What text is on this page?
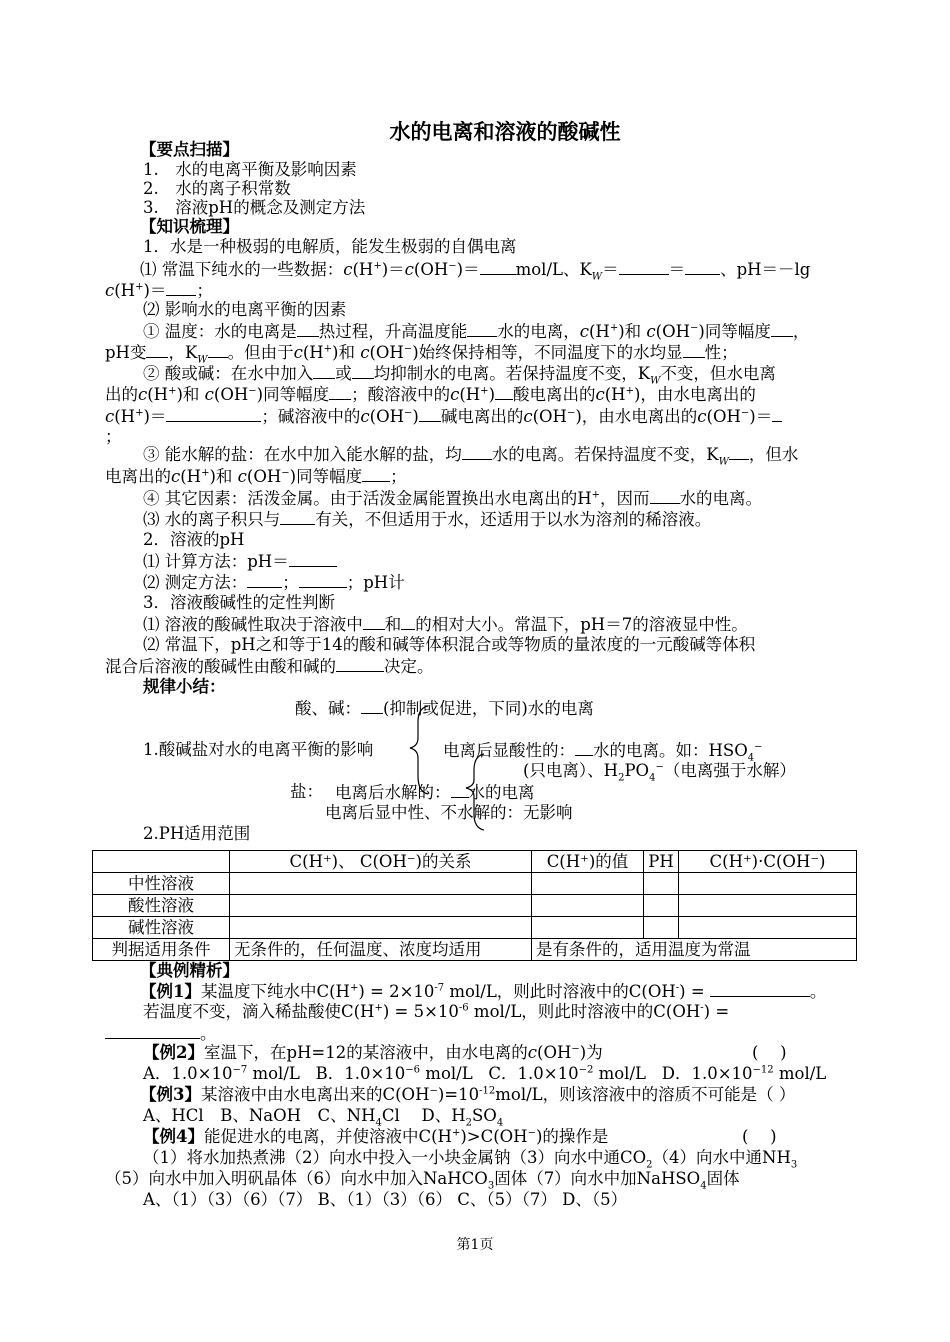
水的电离和溶液的酸碱性
【要点扫描】
1.　水的电离平衡及影响因素
2.　水的离子积常数
3.　溶液pH的概念及测定方法
【知识梳理】
1．水是一种极弱的电解质，能发生极弱的自偶电离
⑴ 常温下纯水的一些数据：c(H+)＝c(OH−)＝ mol/L、$K_W=$	＝ 、pH＝－lg
c(H+)＝ ；
⑵ 影响水的电离平衡的因素
① 温度：水的电离是 热过程，升高温度能 水的电离，c(H+)和 c(OH−)同等幅度 ，
pH变 ，$K_W$ 。但由于c(H+)和 c(OH−)始终保持相等，不同温度下的水均显 性；
② 酸或碱：在水中加入 或 均抑制水的电离。若保持温度不变，$K_W$不变，但水电离
出的c(H+)和 c(OH−)同等幅度 ；酸溶液中的c(H+) 酸电离出的c(H+)，由水电离出的
c(H+)＝	；碱溶液中的c(OH−) 碱电离出的c(OH−)，由水电离出的c(OH−)＝
；
③ 能水解的盐：在水中加入能水解的盐，均 水的电离。若保持温度不变，$K_W$ ，但水
电离出的c(H+)和 c(OH−)同等幅度 ；
④ 其它因素：活泼金属。由于活泼金属能置换出水电离出的H+，因而 水的电离。
⑶ 水的离子积只与 有关，不但适用于水，还适用于以水为溶剂的稀溶液。
2．溶液的pH
⑴ 计算方法：pH＝
⑵ 测定方法： ；	；pH计
3．溶液酸碱性的定性判断
⑴ 溶液的酸碱性取决于溶液中 和 的相对大小。常温下，pH＝7的溶液显中性。
⑵ 常温下，pH之和等于14的酸和碱等体积混合或等物质的量浓度的一元酸碱等体积
混合后溶液的酸碱性由酸和碱的	决定。
规律小结：
酸、碱： (抑制或促进，下同)水的电离
1.酸碱盐对水的电离平衡的影响	电离后显酸性的： 水的电离。如：$HSO_4^-$
(只电离）、$H_2PO_4^-$（电离强于水解）
盐： 电离后水解的： 水的电离
电离后显中性、不水解的：无影响
2.PH适用范围
	C(H⁺)、 C(OH⁻)的关系	C(H⁺)的值	PH	C(H⁺)·C(OH⁻)
中性溶液				
酸性溶液				
碱性溶液				
判据适用条件	无条件的，任何温度、浓度均适用	是有条件的，适用温度为常温		
【典例精析】
【例1】某温度下纯水中$C(H^+) = 2\times 10^{-7}$ mol/L，则此时溶液中的C(OH-) =	。
若温度不变，滴入稀盐酸使$C(H^+) = 5\times 10^{-6}$ mol/L，则此时溶液中的C(OH-) =
。
【例2】室温下，在pH=12的某溶液中，由水电离的c(OH−)为	(　 )
A．$1.0\times 10^{-7}$ mol/L B．$1.0\times 10^{-6}$ mol/L C．$1.0\times 10^{-2}$ mol/L D．$1.0\times 10^{-12}$ mol/L
【例3】某溶液中由水电离出来的$C(OH^-)=10^{-12}mol/L$，则该溶液中的溶质不可能是（ ）
A、HCl　B、NaOH　C、$NH_4Cl$　 D、$H_2SO_4$
【例4】能促进水的电离，并使溶液中C(H+)>C(OH−)的操作是	(　 )
（1）将水加热煮沸（2）向水中投入一小块金属钠（3）向水中通$CO_2(4)$向水中通$NH_3$
（5）向水中加入明矾晶体（6）向水中加入NaHCO$_3$固体（7）向水中加NaHSO$_4$固体
A、（1）（3）（6）（7） B、（1）（3）（6） C、（5）（7） D、（5）
第1页
